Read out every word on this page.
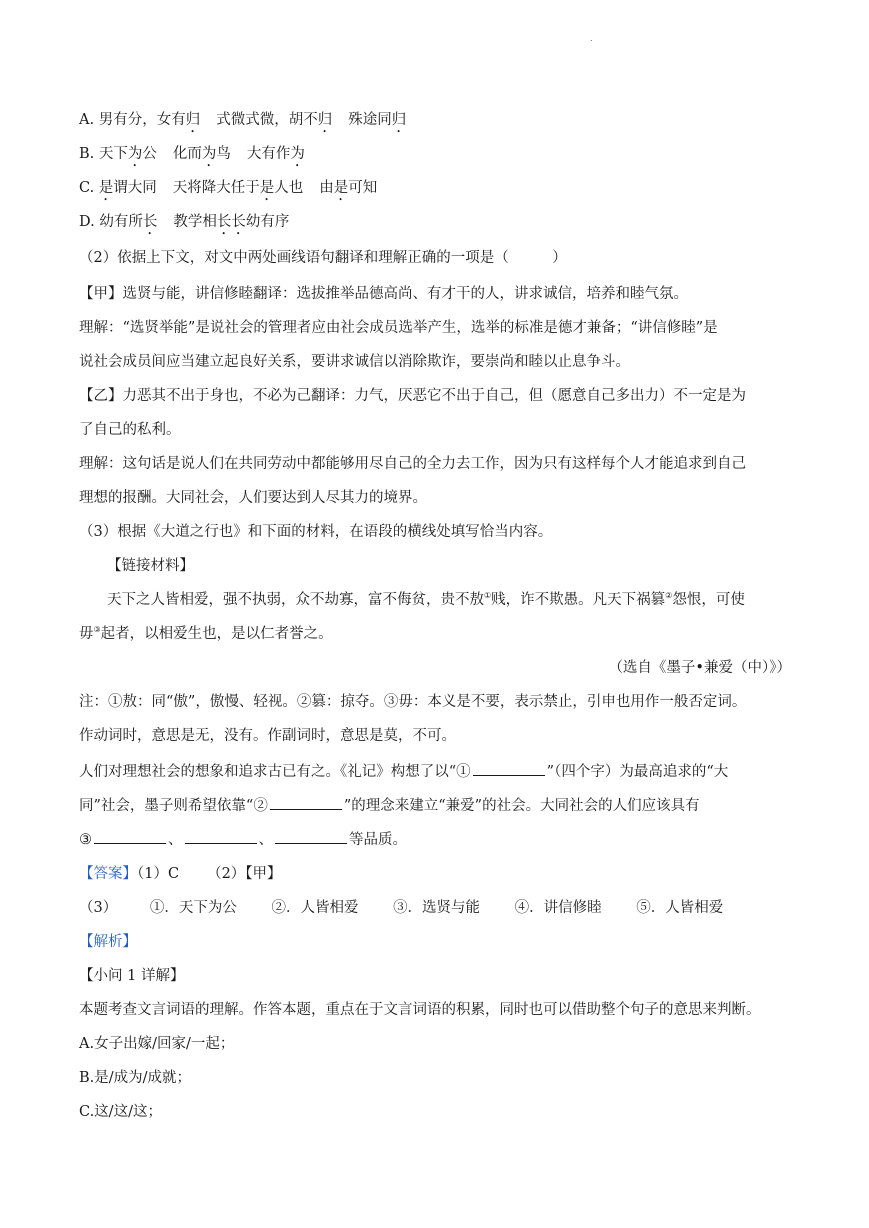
.
A. 男有分，女有归 式微式微，胡不归 殊途同归
B. 天下为公 化而为鸟 大有作为
C. 是谓大同 天将降大任于是人也 由是可知
D. 幼有所长 教学相长长幼有序
（2）依据上下文，对文中两处画线语句翻译和理解正确的一项是（　　　）
【甲】选贤与能，讲信修睦翻译：选拔推举品德高尚、有才干的人，讲求诚信，培养和睦气氛。
理解：“选贤举能”是说社会的管理者应由社会成员选举产生，选举的标准是德才兼备；“讲信修睦”是
说社会成员间应当建立起良好关系，要讲求诚信以消除欺诈，要崇尚和睦以止息争斗。
【乙】力恶其不出于身也，不必为己翻译：力气，厌恶它不出于自己，但（愿意自己多出力）不一定是为
了自己的私利。
理解：这句话是说人们在共同劳动中都能够用尽自己的全力去工作，因为只有这样每个人才能追求到自己
理想的报酬。大同社会，人们要达到人尽其力的境界。
（3）根据《大道之行也》和下面的材料，在语段的横线处填写恰当内容。
【链接材料】
天下之人皆相爱，强不执弱，众不劫寡，富不侮贫，贵不敖①贱，诈不欺愚。凡天下祸篡②怨恨，可使
毋③起者，以相爱生也，是以仁者誉之。
（选自《墨子•兼爱（中）》）
注：①敖：同“傲”，傲慢、轻视。②篡：掠夺。③毋：本义是不要，表示禁止，引申也用作一般否定词。
作动词时，意思是无，没有。作副词时，意思是莫，不可。
人们对理想社会的想象和追求古已有之。《礼记》构想了以“①	”（四个字）为最高追求的“大
同”社会，墨子则希望依靠“②	”的理念来建立“兼爱”的社会。大同社会的人们应该具有
③	、	、	等品质。
【答案】（1）C （2）【甲】
（3） ①．天下为公 ②．人皆相爱 ③．选贤与能 ④．讲信修睦 ⑤．人皆相爱
【解析】
【小问 1 详解】
本题考查文言词语的理解。作答本题，重点在于文言词语的积累，同时也可以借助整个句子的意思来判断。
A.女子出嫁/回家/一起；
B.是/成为/成就；
C.这/这/这；
